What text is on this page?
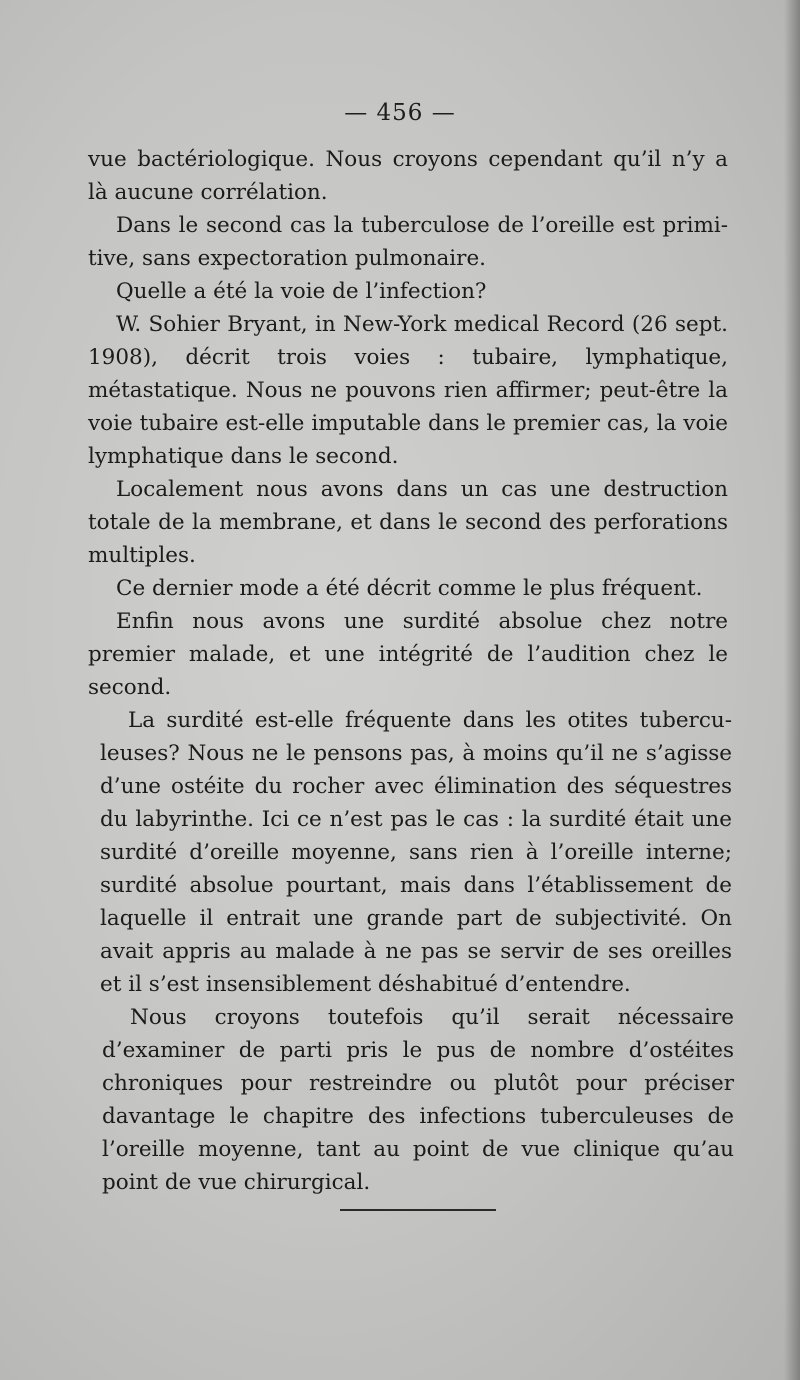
— 456 —

vue bactériologique. Nous croyons cependant qu’il n’y a là aucune corrélation.

Dans le second cas la tuberculose de l’oreille est primitive, sans expectoration pulmonaire.

Quelle a été la voie de l’infection?

W. Sohier Bryant, in New-York medical Record (26 sept. 1908), décrit trois voies : tubaire, lymphatique, métastatique. Nous ne pouvons rien affirmer; peut-être la voie tubaire est-elle imputable dans le premier cas, la voie lymphatique dans le second.

Localement nous avons dans un cas une destruction totale de la membrane, et dans le second des perforations multiples.

Ce dernier mode a été décrit comme le plus fréquent.

Enfin nous avons une surdité absolue chez notre premier malade, et une intégrité de l’audition chez le second.

La surdité est-elle fréquente dans les otites tuberculeuses? Nous ne le pensons pas, à moins qu’il ne s’agisse d’une ostéite du rocher avec élimination des séquestres du labyrinthe. Ici ce n’est pas le cas : la surdité était une surdité d’oreille moyenne, sans rien à l’oreille interne; surdité absolue pourtant, mais dans l’établissement de laquelle il entrait une grande part de subjectivité. On avait appris au malade à ne pas se servir de ses oreilles et il s’est insensiblement déshabitué d’entendre.

Nous croyons toutefois qu’il serait nécessaire d’examiner de parti pris le pus de nombre d’ostéites chroniques pour restreindre ou plutôt pour préciser davantage le chapitre des infections tuberculeuses de l’oreille moyenne, tant au point de vue clinique qu’au point de vue chirurgical.
